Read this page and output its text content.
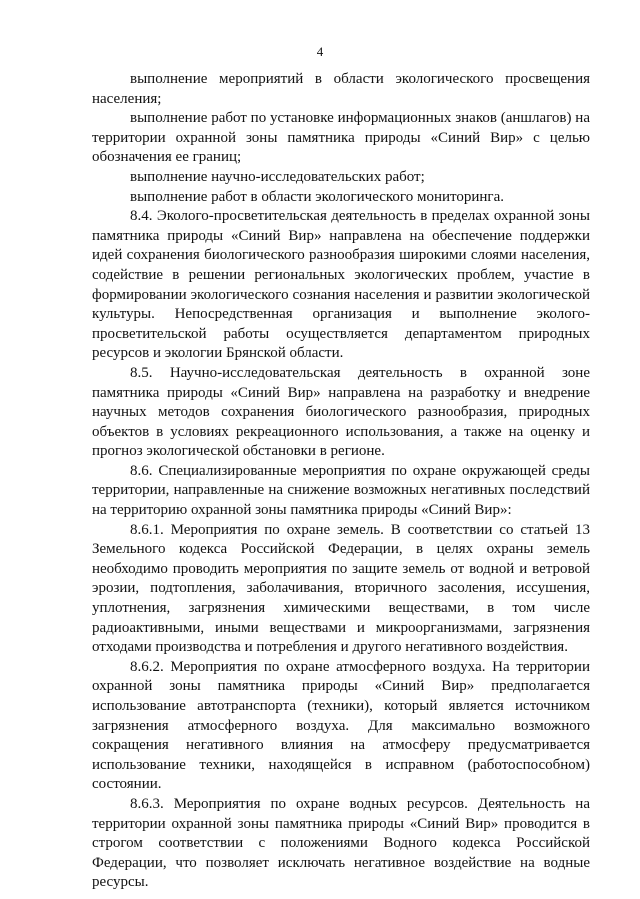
4

выполнение мероприятий в области экологического просвещения населения;

выполнение работ по установке информационных знаков (аншлагов) на территории охранной зоны памятника природы «Синий Вир» с целью обозначения ее границ;

выполнение научно-исследовательских работ;

выполнение работ в области экологического мониторинга.

8.4. Эколого-просветительская деятельность в пределах охранной зоны памятника природы «Синий Вир» направлена на обеспечение поддержки идей сохранения биологического разнообразия широкими слоями населения, содействие в решении региональных экологических проблем, участие в формировании экологического сознания населения и развитии экологической культуры. Непосредственная организация и выполнение эколого-просветительской работы осуществляется департаментом природных ресурсов и экологии Брянской области.

8.5. Научно-исследовательская деятельность в охранной зоне памятника природы «Синий Вир» направлена на разработку и внедрение научных методов сохранения биологического разнообразия, природных объектов в условиях рекреационного использования, а также на оценку и прогноз экологической обстановки в регионе.

8.6. Специализированные мероприятия по охране окружающей среды территории, направленные на снижение возможных негативных последствий на территорию охранной зоны памятника природы «Синий Вир»:

8.6.1. Мероприятия по охране земель. В соответствии со статьей 13 Земельного кодекса Российской Федерации, в целях охраны земель необходимо проводить мероприятия по защите земель от водной и ветровой эрозии, подтопления, заболачивания, вторичного засоления, иссушения, уплотнения, загрязнения химическими веществами, в том числе радиоактивными, иными веществами и микроорганизмами, загрязнения отходами производства и потребления и другого негативного воздействия.

8.6.2. Мероприятия по охране атмосферного воздуха. На территории охранной зоны памятника природы «Синий Вир» предполагается использование автотранспорта (техники), который является источником загрязнения атмосферного воздуха. Для максимально возможного сокращения негативного влияния на атмосферу предусматривается использование техники, находящейся в исправном (работоспособном) состоянии.

8.6.3. Мероприятия по охране водных ресурсов. Деятельность на территории охранной зоны памятника природы «Синий Вир» проводится в строгом соответствии с положениями Водного кодекса Российской Федерации, что позволяет исключать негативное воздействие на водные ресурсы.
